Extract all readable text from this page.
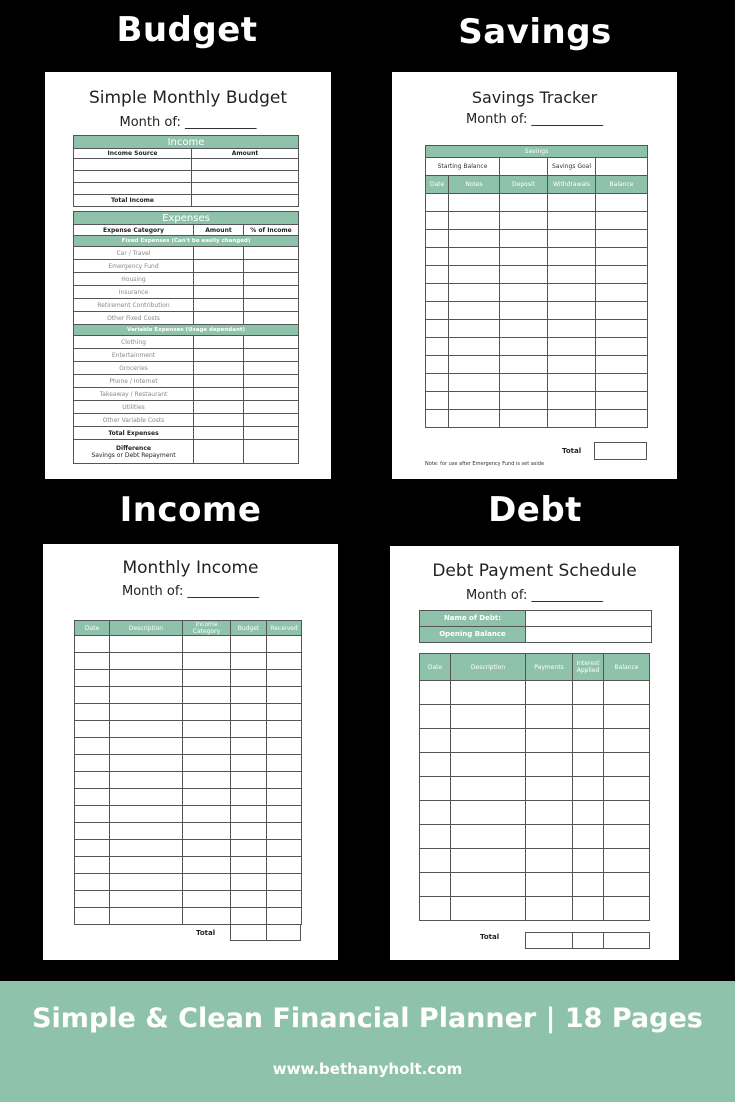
Budget	Savings
Income	Debt
Simple Monthly Budget
Month of: ___________
Income	
Income Source	Amount

Total Income	
Expenses		
Expense Category	Amount	% of Income
Fixed Expenses (Can't be easily changed)		
Car / Travel		
Emergency Fund		
Housing		
Insurance		
Retirement Contribution		
Other Fixed Costs		
Variable Expenses (Usage dependant)		
Clothing		
Entertainment		
Groceries		
Phone / Internet		
Takeaway / Restaurant		
Utilities		
Other Variable Costs		
Total Expenses		

Difference
Savings or Debt Repayment		

Savings Tracker
Month of: ___________
Savings				
Starting Balance			Savings Goal	
Date	Notes	Deposit	Withdrawals	Balance

Total
Note: for use after Emergency Fund is set aside
Monthly Income
Month of: ___________
Date	Description	Income Category	Budget	Received

Total
Debt Payment Schedule
Month of: ___________
Name of Debt:	
Opening Balance	
Date	Description	Payments	Interest Applied	Balance

Total
Simple & Clean Financial Planner | 18 Pages
www.bethanyholt.com
